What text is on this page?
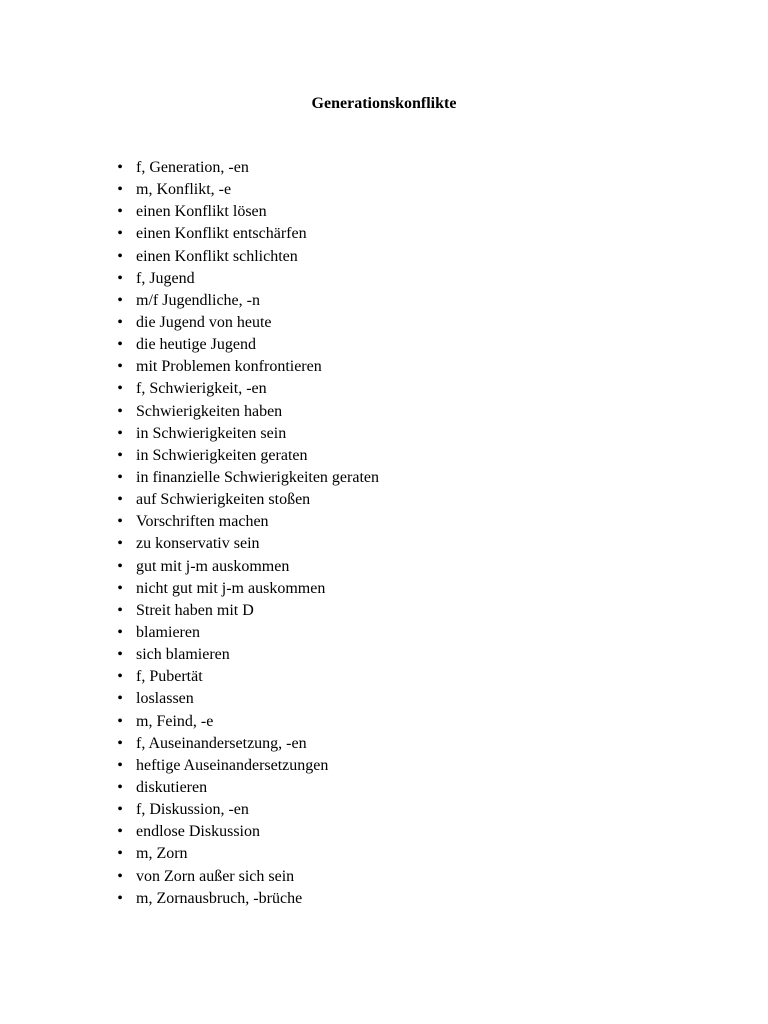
Generationskonflikte
• f, Generation, -en
• m, Konflikt, -e
• einen Konflikt lösen
• einen Konflikt entschärfen
• einen Konflikt schlichten
• f, Jugend
• m/f Jugendliche, -n
• die Jugend von heute
• die heutige Jugend
• mit Problemen konfrontieren
• f, Schwierigkeit, -en
• Schwierigkeiten haben
• in Schwierigkeiten sein
• in Schwierigkeiten geraten
• in finanzielle Schwierigkeiten geraten
• auf Schwierigkeiten stoßen
• Vorschriften machen
• zu konservativ sein
• gut mit j-m auskommen
• nicht gut mit j-m auskommen
• Streit haben mit D
• blamieren
• sich blamieren
• f, Pubertät
• loslassen
• m, Feind, -e
• f, Auseinandersetzung, -en
• heftige Auseinandersetzungen
• diskutieren
• f, Diskussion, -en
• endlose Diskussion
• m, Zorn
• von Zorn außer sich sein
• m, Zornausbruch, -brüche
